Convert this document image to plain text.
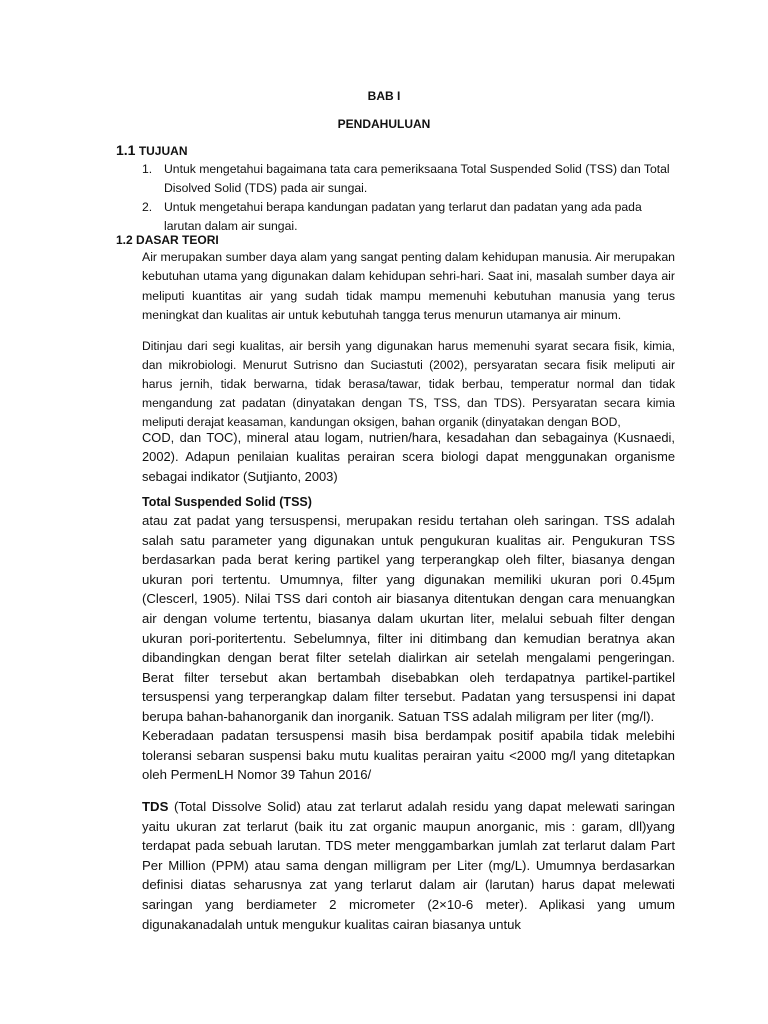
BAB I
PENDAHULUAN
1.1 TUJUAN
1. Untuk mengetahui bagaimana tata cara pemeriksaana Total Suspended Solid (TSS) dan Total Disolved Solid (TDS) pada air sungai.
2. Untuk mengetahui berapa kandungan padatan yang terlarut dan padatan yang ada pada larutan dalam air sungai.
1.2 DASAR TEORI

Air merupakan sumber daya alam yang sangat penting dalam kehidupan manusia. Air merupakan kebutuhan utama yang digunakan dalam kehidupan sehri-hari. Saat ini, masalah sumber daya air meliputi kuantitas air yang sudah tidak mampu memenuhi kebutuhan manusia yang terus meningkat dan kualitas air untuk kebutuhah tangga terus menurun utamanya air minum.

Ditinjau dari segi kualitas, air bersih yang digunakan harus memenuhi syarat secara fisik, kimia, dan mikrobiologi. Menurut Sutrisno dan Suciastuti (2002), persyaratan secara fisik meliputi air harus jernih, tidak berwarna, tidak berasa/tawar, tidak berbau, temperatur normal dan tidak mengandung zat padatan (dinyatakan dengan TS, TSS, dan TDS). Persyaratan secara kimia meliputi derajat keasaman, kandungan oksigen, bahan organik (dinyatakan dengan BOD,

COD, dan TOC), mineral atau logam, nutrien/hara, kesadahan dan sebagainya (Kusnaedi, 2002). Adapun penilaian kualitas perairan scera biologi dapat menggunakan organisme sebagai indikator (Sutjianto, 2003)

Total Suspended Solid (TSS)

atau zat padat yang tersuspensi, merupakan residu tertahan oleh saringan. TSS adalah salah satu parameter yang digunakan untuk pengukuran kualitas air. Pengukuran TSS berdasarkan pada berat kering partikel yang terperangkap oleh filter, biasanya dengan ukuran pori tertentu. Umumnya, filter yang digunakan memiliki ukuran pori 0.45μm (Clescerl, 1905). Nilai TSS dari contoh air biasanya ditentukan dengan cara menuangkan air dengan volume tertentu, biasanya dalam ukurtan liter, melalui sebuah filter dengan ukuran pori-poritertentu. Sebelumnya, filter ini ditimbang dan kemudian beratnya akan dibandingkan dengan berat filter setelah dialirkan air setelah mengalami pengeringan. Berat filter tersebut akan bertambah disebabkan oleh terdapatnya partikel-partikel tersuspensi yang terperangkap dalam filter tersebut. Padatan yang tersuspensi ini dapat berupa bahan-bahanorganik dan inorganik. Satuan TSS adalah miligram per liter (mg/l).

Keberadaan padatan tersuspensi masih bisa berdampak positif apabila tidak melebihi toleransi sebaran suspensi baku mutu kualitas perairan yaitu <2000 mg/l yang ditetapkan oleh PermenLH Nomor 39 Tahun 2016/

TDS (Total Dissolve Solid) atau zat terlarut adalah residu yang dapat melewati saringan yaitu ukuran zat terlarut (baik itu zat organic maupun anorganic, mis : garam, dll)yang terdapat pada sebuah larutan. TDS meter menggambarkan jumlah zat terlarut dalam Part Per Million (PPM) atau sama dengan milligram per Liter (mg/L). Umumnya berdasarkan definisi diatas seharusnya zat yang terlarut dalam air (larutan) harus dapat melewati saringan yang berdiameter 2 micrometer (2×10-6 meter). Aplikasi yang umum digunakanadalah untuk mengukur kualitas cairan biasanya untuk
